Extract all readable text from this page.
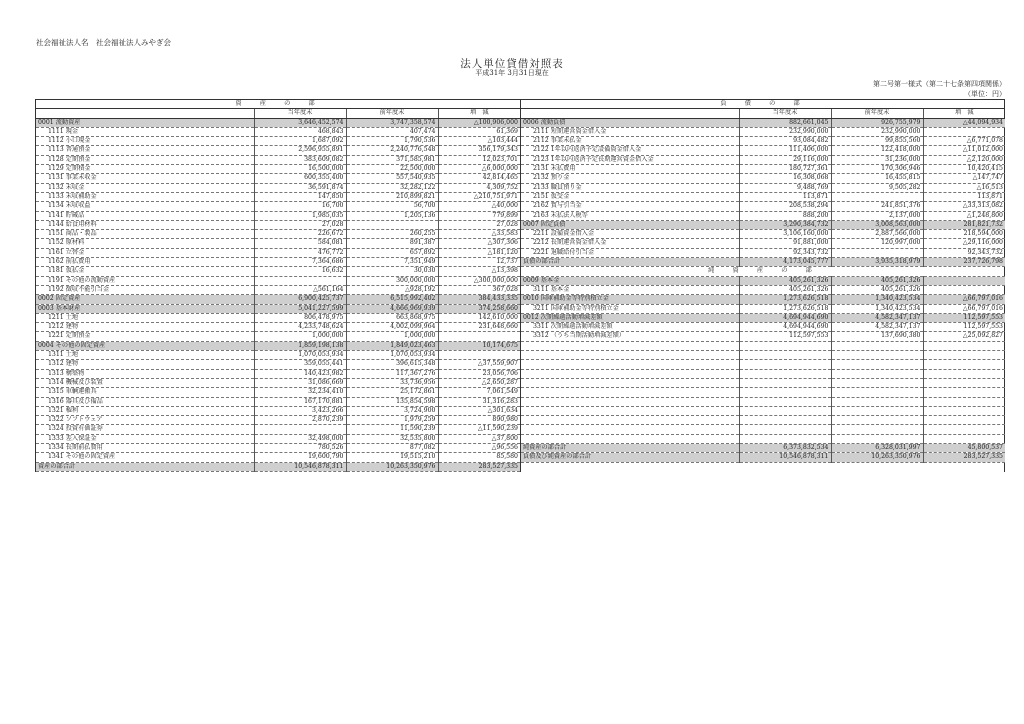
社会福祉法人名　社会福祉法人みやぎ会
法人単位貸借対照表
平成31年 3月31日現在
第二号第一様式（第二十七条第四項関係）
（単位：円）
資　産　の　部			
	当年度末	前年度末	増　減
0001 流動資産	3,646,452,574	3,747,358,574	△100,906,000
1111 現金	468,843	407,474	61,369
1112 小口現金	1,687,092	1,790,536	△103,444
1113 普通預金	2,596,955,891	2,240,776,548	356,179,343
1128 定期預金	383,609,082	371,585,981	12,023,701
1129 定期積金	16,500,000	22,500,000	△6,000,000
1131 事業未収金	600,355,400	557,540,935	42,814,465
1132 未収金	36,591,874	32,282,122	4,309,752
1133 未収補助金	147,850	210,899,821	△210,751,971
1134 未収収益	16,700	56,700	△40,000
1141 貯蔵品	1,985,035	1,205,136	779,899
1144 給食用材料	27,028		27,028
1151 商品・製品	226,672	260,255	△33,583
1152 原材料	584,081	891,387	△307,306
1161 立替金	476,772	657,892	△181,120
1162 前払費用	7,364,686	7,351,949	12,737
1181 仮払金	16,632	30,030	△13,398
1191 その他の流動資産		300,000,000	△300,000,000
1192 徴収不能引当金	△561,164	△928,192	367,028
0002 固定資産	6,900,425,737	6,515,992,402	384,433,335
0003 基本財産	5,041,227,599	4,666,969,939	374,258,660
1211 土地	806,478,975	663,868,975	142,610,000
1212 建物	4,233,748,624	4,002,099,964	231,648,660
1221 定期預金	1,000,000	1,000,000	
0004 その他の固定資産	1,859,198,138	1,849,023,463	10,174,675
1311 土地	1,070,053,934	1,070,053,934	
1312 建物	359,055,441	396,615,348	△37,559,907
1313 構築物	140,423,982	117,367,276	23,056,706
1314 機械及び装置	31,086,669	33,736,956	△2,650,287
1315 車輌運搬具	32,234,410	25,172,861	7,061,549
1316 器具及び備品	167,170,881	135,854,598	31,316,283
1321 権利	3,423,266	3,724,900	△301,634
1322 ソフトウェア	2,870,239	1,979,259	890,980
1324 投資有価証券		11,590,239	△11,590,239
1333 差入保証金	32,498,000	32,535,800	△37,800
1334 長期前払費用	780,526	877,082	△96,556
1341 その他の固定資産	19,600,790	19,515,210	85,580
資産の部合計	10,546,878,311	10,263,350,976	283,527,335
負　債　の　部			
	当年度末	前年度末	増　減
0006 流動負債	882,661,045	926,755,979	△44,094,934
2111 短期運営資金借入金	232,990,000	232,990,000	
2112 事業未払金	93,084,482	99,855,560	△6,771,078
2122 1年以内返済予定設備資金借入金	111,406,000	122,418,000	△11,012,000
2123 1年以内返済予定長期運営資金借入金	29,116,000	31,236,000	△2,120,000
2131 未払費用	180,727,361	170,306,946	10,420,415
2132 預り金	16,308,068	16,455,815	△147,747
2133 職員預り金	9,488,769	9,505,282	△16,513
2151 仮受金	113,871		113,871
2162 賞与引当金	208,538,294	241,851,376	△33,313,082
2163 未払法人税等	888,200	2,137,000	△1,248,800
0007 固定負債	3,290,384,732	3,008,563,000	281,821,732
2211 設備資金借入金	3,106,160,000	2,887,566,000	218,594,000
2212 長期運営資金借入金	91,881,000	120,997,000	△29,116,000
2221 退職給付引当金	92,343,732		92,343,732
負債の部合計	4,173,045,777	3,935,318,979	237,726,798
純　資　産　の　部			
0009 基本金	405,261,326	405,261,326	
3111 基本金	405,261,326	405,261,326	
0010 国庫補助金等特別積立金	1,273,626,518	1,340,423,534	△66,797,016
3211 国庫補助金等特別積立金	1,273,626,518	1,340,423,534	△66,797,016
0012 次期繰越活動増減差額	4,694,944,690	4,582,347,137	112,597,553
3311 次期繰越活動増減差額	4,694,944,690	4,582,347,137	112,597,553
3312 （うち当期活動増減差額）	112,597,553	137,690,380	△25,092,827

純資産の部合計	6,373,832,534	6,328,031,997	45,800,537
負債及び純資産の部合計	10,546,878,311	10,263,350,976	283,527,335
